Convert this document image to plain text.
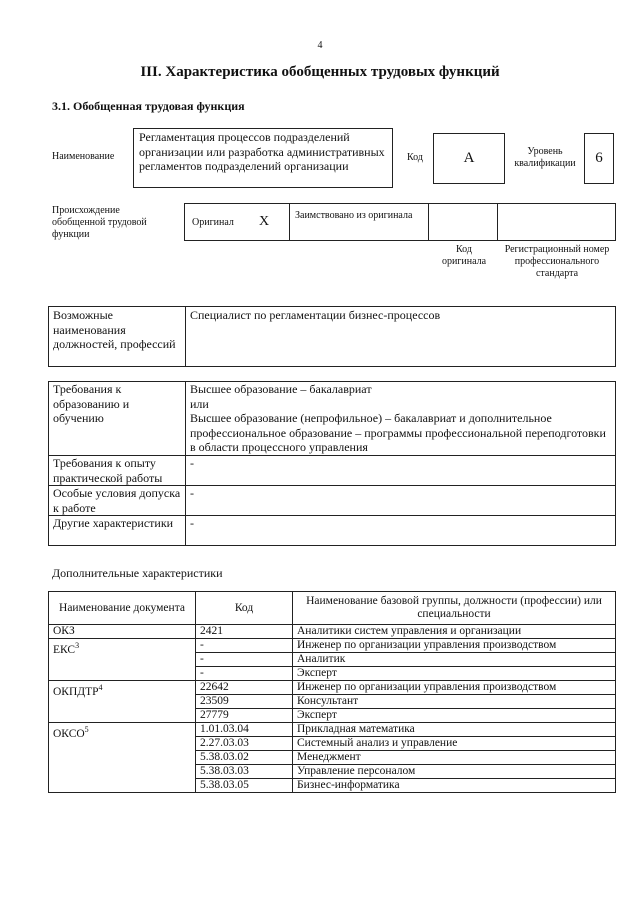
4
III. Характеристика обобщенных трудовых функций
3.1. Обобщенная трудовая функция
Наименование
Регламентация процессов подразделений организации или разработка административных регламентов подразделений организации
Код	А	Уровень квалификации	6
Происхождение обобщенной трудовой функции
Оригинал Х	Заимствовано из оригинала
Код оригинала
Регистрационный номер профессионального стандарта
Возможные наименования должностей, профессий	Специалист по регламентации бизнес-процессов
Требования к образованию и обучению	Высшее образование – бакалавриат
или
Высшее образование (непрофильное) – бакалавриат и дополнительное профессиональное образование – программы профессиональной переподготовки в области процессного управления

Требования к опыту практической работы	-
Особые условия допуска к работе	-
Другие характеристики	-
Дополнительные характеристики
Наименование документа	Код	Наименование базовой группы, должности (профессии) или специальности
ОКЗ	2421	Аналитики систем управления и организации
ЕКС$^3$	-	Инженер по организации управления производством
	-	Аналитик
	-	Эксперт
ОКПДТР$^4$	22642	Инженер по организации управления производством
	23509	Консультант
	27779	Эксперт
ОКСО$^5$	1.01.03.04	Прикладная математика
	2.27.03.03	Системный анализ и управление
	5.38.03.02	Менеджмент
	5.38.03.03	Управление персоналом
	5.38.03.05	Бизнес-информатика
